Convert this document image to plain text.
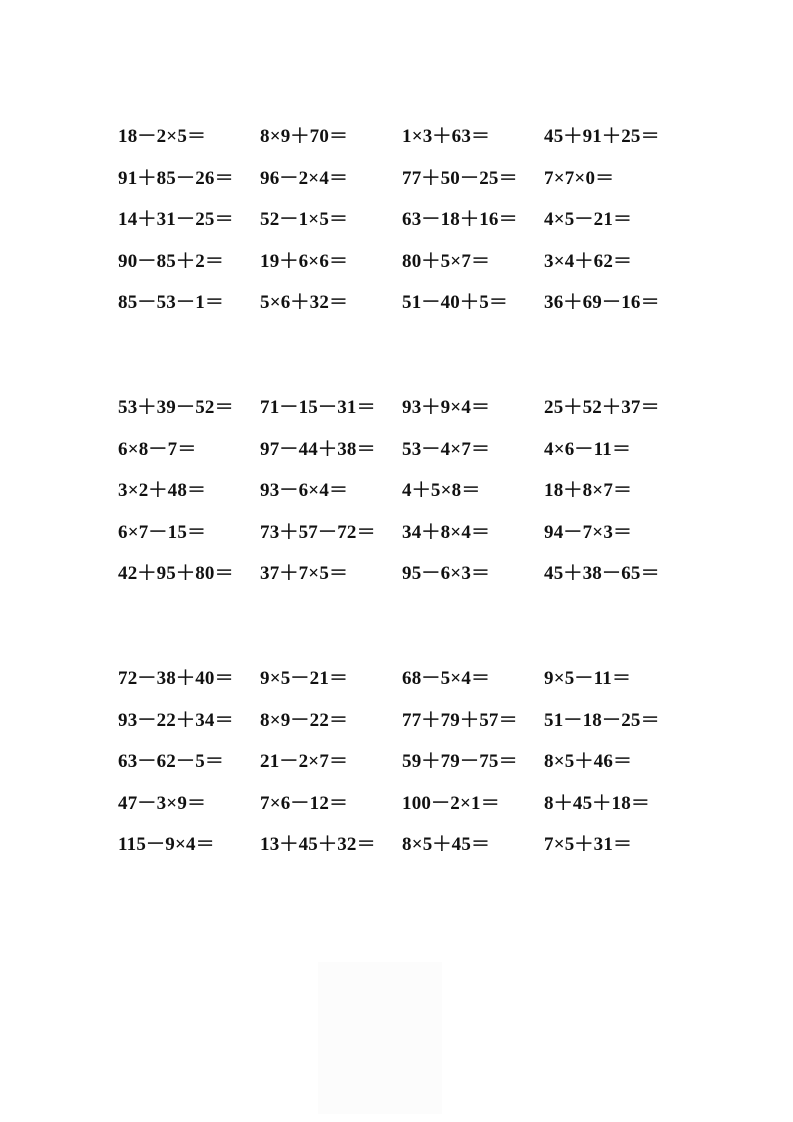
18－2×5＝	8×9＋70＝	1×3＋63＝	45＋91＋25＝
91＋85－26＝ 96－2×4＝	77＋50－25＝ 7×7×0＝
14＋31－25＝ 52－1×5＝	63－18＋16＝ 4×5－21＝
90－85＋2＝ 19＋6×6＝	80＋5×7＝	3×4＋62＝
85－53－1＝ 5×6＋32＝	51－40＋5＝ 36＋69－16＝
53＋39－52＝ 71－15－31＝ 93＋9×4＝	25＋52＋37＝
6×8－7＝	97－44＋38＝ 53－4×7＝	4×6－11＝
3×2＋48＝	93－6×4＝	4＋5×8＝	18＋8×7＝
6×7－15＝	73＋57－72＝ 34＋8×4＝	94－7×3＝
42＋95＋80＝ 37＋7×5＝	95－6×3＝	45＋38－65＝
72－38＋40＝ 9×5－21＝	68－5×4＝	9×5－11＝
93－22＋34＝ 8×9－22＝	77＋79＋57＝ 51－18－25＝
63－62－5＝ 21－2×7＝	59＋79－75＝ 8×5＋46＝
47－3×9＝	7×6－12＝	100－2×1＝ 8＋45＋18＝
115－9×4＝ 13＋45＋32＝ 8×5＋45＝	7×5＋31＝
